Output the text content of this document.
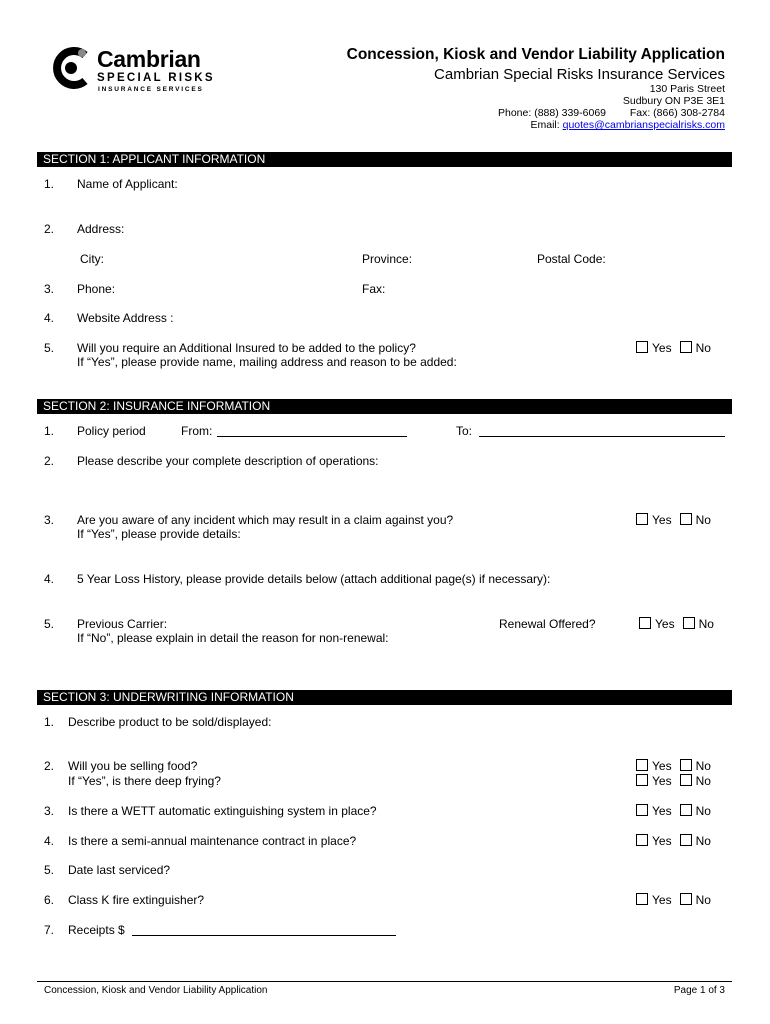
Cambrian
SPECIAL RISKS
INSURANCE SERVICES
Concession, Kiosk and Vendor Liability Application
Cambrian Special Risks Insurance Services
130 Paris Street
Sudbury ON P3E 3E1
Phone: (888) 339-6069 Fax: (866) 308-2784
Email: quotes@cambrianspecialrisks.com
SECTION 1: APPLICANT INFORMATION
1. Name of Applicant:
2. Address:
City:	Province:	Postal Code:
3. Phone:	Fax:
4. Website Address :
5. Will you require an Additional Insured to be added to the policy?
If “Yes”, please provide name, mailing address and reason to be added:
Yes No
SECTION 2: INSURANCE INFORMATION
1. Policy period	From:	To:
2. Please describe your complete description of operations:
3. Are you aware of any incident which may result in a claim against you?
If “Yes”, please provide details:
Yes No
4. 5 Year Loss History, please provide details below (attach additional page(s) if necessary):
5. Previous Carrier:
If “No”, please explain in detail the reason for non-renewal:
Renewal Offered?	Yes No
SECTION 3: UNDERWRITING INFORMATION
1. Describe product to be sold/displayed:
2. Will you be selling food?
If “Yes”, is there deep frying?
Yes No
Yes No
3. Is there a WETT automatic extinguishing system in place?	Yes No
4. Is there a semi-annual maintenance contract in place?	Yes No
5. Date last serviced?
6. Class K fire extinguisher?	Yes No
7. Receipts $
Concession, Kiosk and Vendor Liability Application	Page 1 of 3
